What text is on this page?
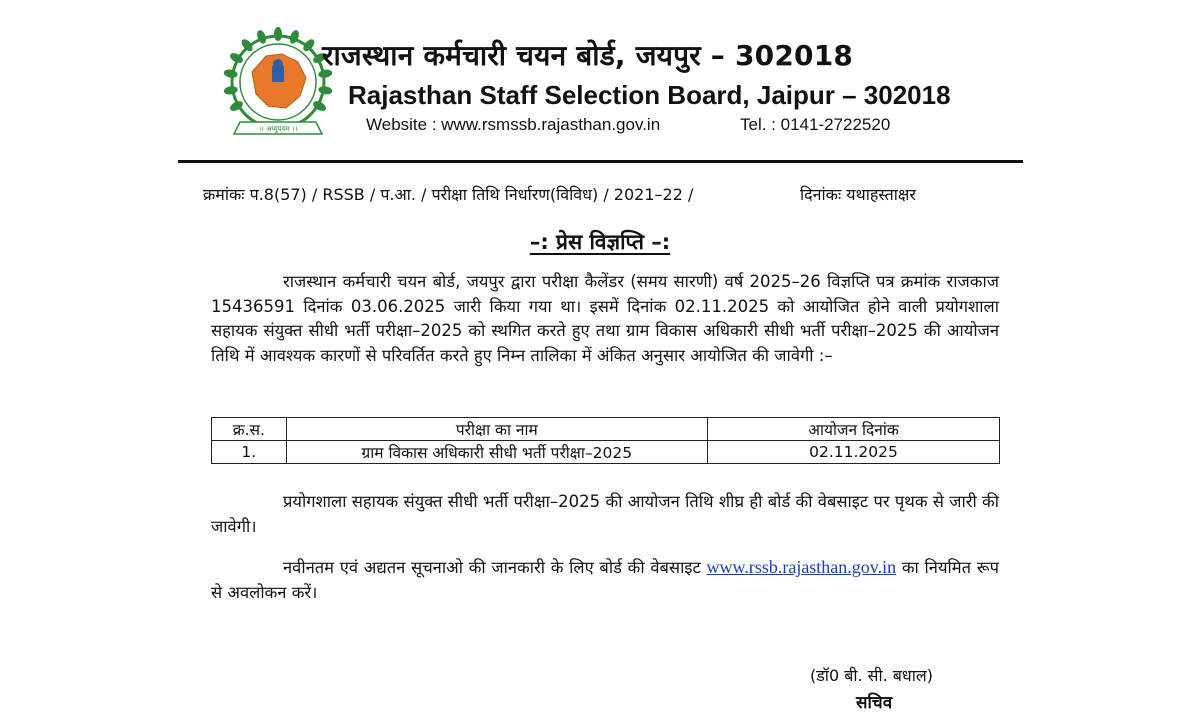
।। अप्युपयम ।।
राजस्थान कर्मचारी चयन बोर्ड, जयपुर – 302018
Rajasthan Staff Selection Board, Jaipur – 302018
Website : www.rsmssb.rajasthan.gov.in	Tel. : 0141-2722520
क्रमांकः प.8(57) / RSSB / प.आ. / परीक्षा तिथि निर्धारण(विविध) / 2021–22 /	दिनांकः यथाहस्ताक्षर
–: प्रेस विज्ञप्ति –:
राजस्थान कर्मचारी चयन बोर्ड, जयपुर द्वारा परीक्षा कैलेंडर (समय सारणी) वर्ष 2025–26 विज्ञप्ति पत्र क्रमांक राजकाज 15436591 दिनांक 03.06.2025 जारी किया गया था। इसमें दिनांक 02.11.2025 को आयोजित होने वाली प्रयोगशाला सहायक संयुक्त सीधी भर्ती परीक्षा–2025 को स्थगित करते हुए तथा ग्राम विकास अधिकारी सीधी भर्ती परीक्षा–2025 की आयोजन तिथि में आवश्यक कारणों से परिवर्तित करते हुए निम्न तालिका में अंकित अनुसार आयोजित की जावेगी :–
क्र.स.	परीक्षा का नाम	आयोजन दिनांक
1.	ग्राम विकास अधिकारी सीधी भर्ती परीक्षा–2025	02.11.2025
प्रयोगशाला सहायक संयुक्त सीधी भर्ती परीक्षा–2025 की आयोजन तिथि शीघ्र ही बोर्ड की वेबसाइट पर पृथक से जारी की जावेगी।
नवीनतम एवं अद्यतन सूचनाओ की जानकारी के लिए बोर्ड की वेबसाइट www.rssb.rajasthan.gov.in का नियमित रूप से अवलोकन करें।
(डॉ0 बी. सी. बधाल)
सचिव
